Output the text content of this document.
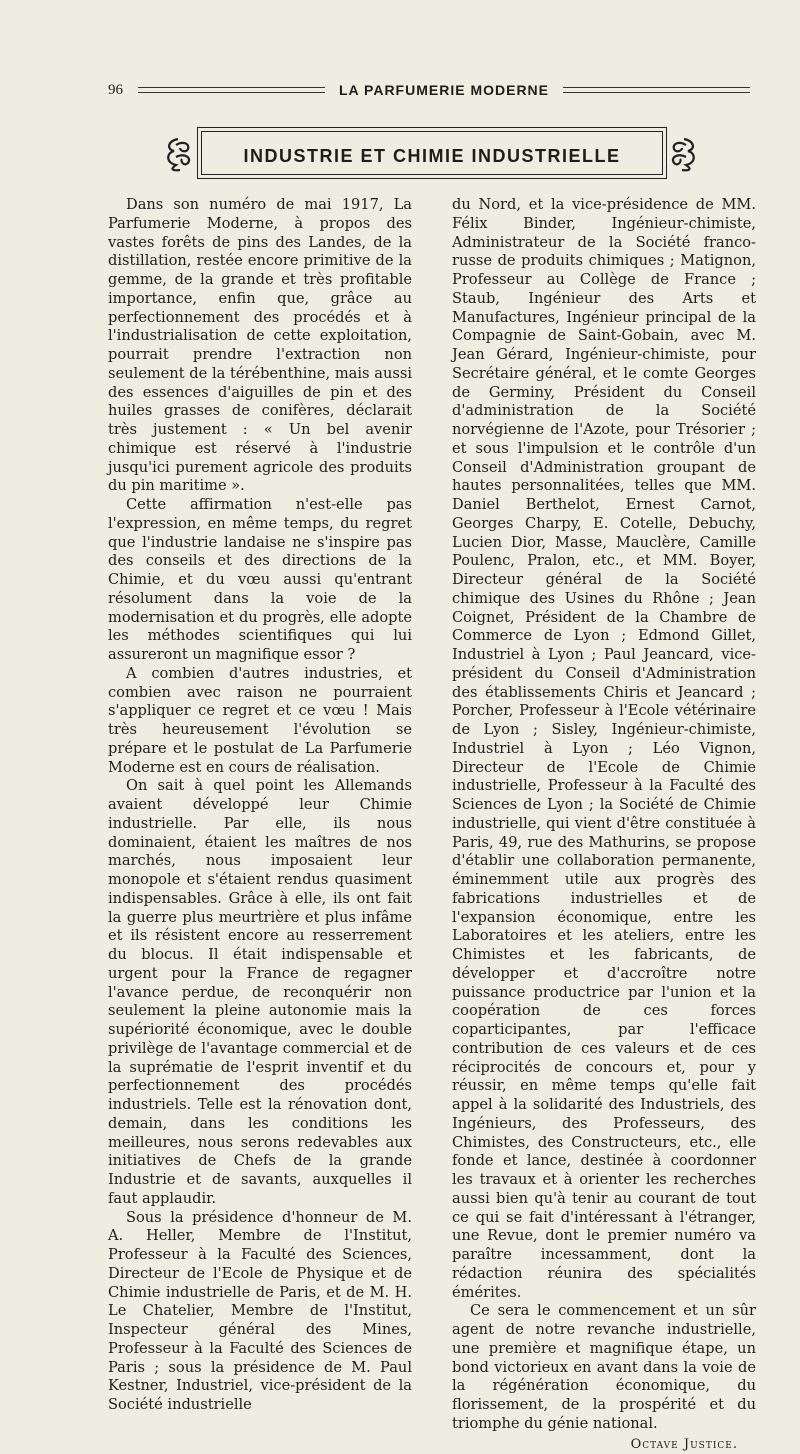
96	LA PARFUMERIE MODERNE
INDUSTRIE ET CHIMIE INDUSTRIELLE

Dans son numéro de mai 1917, La Parfumerie Moderne, à propos des vastes forêts de pins des Landes, de la distillation, restée encore primitive de la gemme, de la grande et très profitable importance, enfin que, grâce au perfectionnement des procédés et à l'industrialisation de cette exploitation, pourrait prendre l'extraction non seulement de la térébenthine, mais aussi des essences d'aiguilles de pin et des huiles grasses de conifères, déclarait très justement : « Un bel avenir chimique est réservé à l'industrie jusqu'ici purement agricole des produits du pin maritime ».

Cette affirmation n'est-elle pas l'expression, en même temps, du regret que l'industrie landaise ne s'inspire pas des conseils et des directions de la Chimie, et du vœu aussi qu'entrant résolument dans la voie de la modernisation et du progrès, elle adopte les méthodes scientifiques qui lui assureront un magnifique essor ?

A combien d'autres industries, et combien avec raison ne pourraient s'appliquer ce regret et ce vœu ! Mais très heureusement l'évolution se prépare et le postulat de La Parfumerie Moderne est en cours de réalisation.

On sait à quel point les Allemands avaient développé leur Chimie industrielle. Par elle, ils nous dominaient, étaient les maîtres de nos marchés, nous imposaient leur monopole et s'étaient rendus quasiment indispensables. Grâce à elle, ils ont fait la guerre plus meurtrière et plus infâme et ils résistent encore au resserrement du blocus. Il était indispensable et urgent pour la France de regagner l'avance perdue, de reconquérir non seulement la pleine autonomie mais la supériorité économique, avec le double privilège de l'avantage commercial et de la suprématie de l'esprit inventif et du perfectionnement des procédés industriels. Telle est la rénovation dont, demain, dans les conditions les meilleures, nous serons redevables aux initiatives de Chefs de la grande Industrie et de savants, auxquelles il faut applaudir.

Sous la présidence d'honneur de M. A. Heller, Membre de l'Institut, Professeur à la Faculté des Sciences, Directeur de l'Ecole de Physique et de Chimie industrielle de Paris, et de M. H. Le Chatelier, Membre de l'Institut, Inspecteur général des Mines, Professeur à la Faculté des Sciences de Paris ; sous la présidence de M. Paul Kestner, Industriel, vice-président de la Société industrielle

du Nord, et la vice-présidence de MM. Félix Binder, Ingénieur-chimiste, Administrateur de la Société franco-russe de produits chimiques ; Matignon, Professeur au Collège de France ; Staub, Ingénieur des Arts et Manufactures, Ingénieur principal de la Compagnie de Saint-Gobain, avec M. Jean Gérard, Ingénieur-chimiste, pour Secrétaire général, et le comte Georges de Germiny, Président du Conseil d'administration de la Société norvégienne de l'Azote, pour Trésorier ; et sous l'impulsion et le contrôle d'un Conseil d'Administration groupant de hautes personnalitées, telles que MM. Daniel Berthelot, Ernest Carnot, Georges Charpy, E. Cotelle, Debuchy, Lucien Dior, Masse, Mauclère, Camille Poulenc, Pralon, etc., et MM. Boyer, Directeur général de la Société chimique des Usines du Rhône ; Jean Coignet, Président de la Chambre de Commerce de Lyon ; Edmond Gillet, Industriel à Lyon ; Paul Jeancard, vice-président du Conseil d'Administration des établissements Chiris et Jeancard ; Porcher, Professeur à l'Ecole vétérinaire de Lyon ; Sisley, Ingénieur-chimiste, Industriel à Lyon ; Léo Vignon, Directeur de l'Ecole de Chimie industrielle, Professeur à la Faculté des Sciences de Lyon ; la Société de Chimie industrielle, qui vient d'être constituée à Paris, 49, rue des Mathurins, se propose d'établir une collaboration permanente, éminemment utile aux progrès des fabrications industrielles et de l'expansion économique, entre les Laboratoires et les ateliers, entre les Chimistes et les fabricants, de développer et d'accroître notre puissance productrice par l'union et la coopération de ces forces coparticipantes, par l'efficace contribution de ces valeurs et de ces réciprocités de concours et, pour y réussir, en même temps qu'elle fait appel à la solidarité des Industriels, des Ingénieurs, des Professeurs, des Chimistes, des Constructeurs, etc., elle fonde et lance, destinée à coordonner les travaux et à orienter les recherches aussi bien qu'à tenir au courant de tout ce qui se fait d'intéressant à l'étranger, une Revue, dont le premier numéro va paraître incessamment, dont la rédaction réunira des spécialités émérites.

Ce sera le commencement et un sûr agent de notre revanche industrielle, une première et magnifique étape, un bond victorieux en avant dans la voie de la régénération économique, du florissement, de la prospérité et du triomphe du génie national.

Octave Justice.
